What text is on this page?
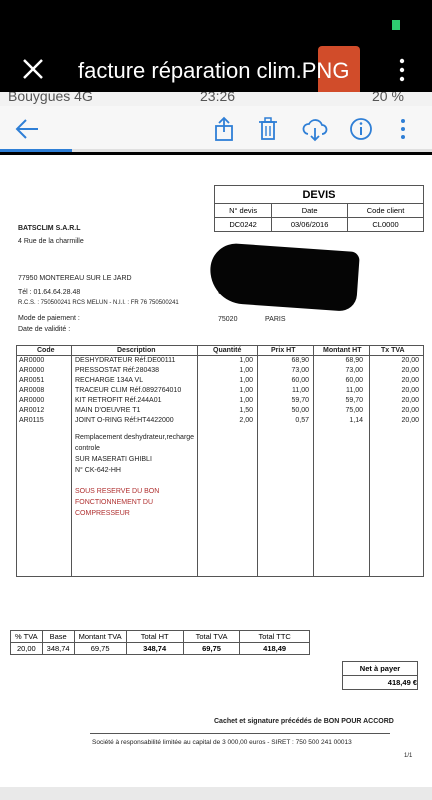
facture réparation clim.PNG
Bouygues 4G	23:26	20 %
DEVIS		
N° devis	Date	Code client
DC0242	03/06/2016	CL0000
BATSCLIM S.A.R.L
4 Rue de la charmille
77950 MONTEREAU SUR LE JARD
Tél : 01.64.64.28.48
R.C.S. : 750500241 RCS MELUN - N.I.I. : FR 76 750500241
Mode de paiement :
Date de validité :
75020	PARIS
Code	Description	Quantité	Prix HT	Montant HT	Tx TVA
AR0000	DESHYDRATEUR Réf.DE00111	1,00	68,90	68,90	20,00
AR0000	PRESSOSTAT Réf:280438	1,00	73,00	73,00	20,00
AR0051	RECHARGE 134A VL	1,00	60,00	60,00	20,00
AR0008	TRACEUR CLIM Réf.0892764010	1,00	11,00	11,00	20,00
AR0000	KIT RETROFIT Réf.244A01	1,00	59,70	59,70	20,00
AR0012	MAIN D'OEUVRE T1	1,50	50,00	75,00	20,00
AR0115	JOINT O-RING Réf:HT4422000	2,00	0,57	1,14	20,00
Remplacement deshydrateur,recharge
controle
SUR MASERATI GHIBLI
N° CK-642-HH
SOUS RESERVE DU BON
FONCTIONNEMENT DU
COMPRESSEUR
% TVA	Base	Montant TVA	Total HT	Total TVA	Total TTC
20,00	348,74	69,75	348,74	69,75	418,49
Net à payer
418,49 €
Cachet et signature précédés de BON POUR ACCORD
Société à responsabilité limitée au capital de 3 000,00 euros - SIRET : 750 500 241 00013
1/1
